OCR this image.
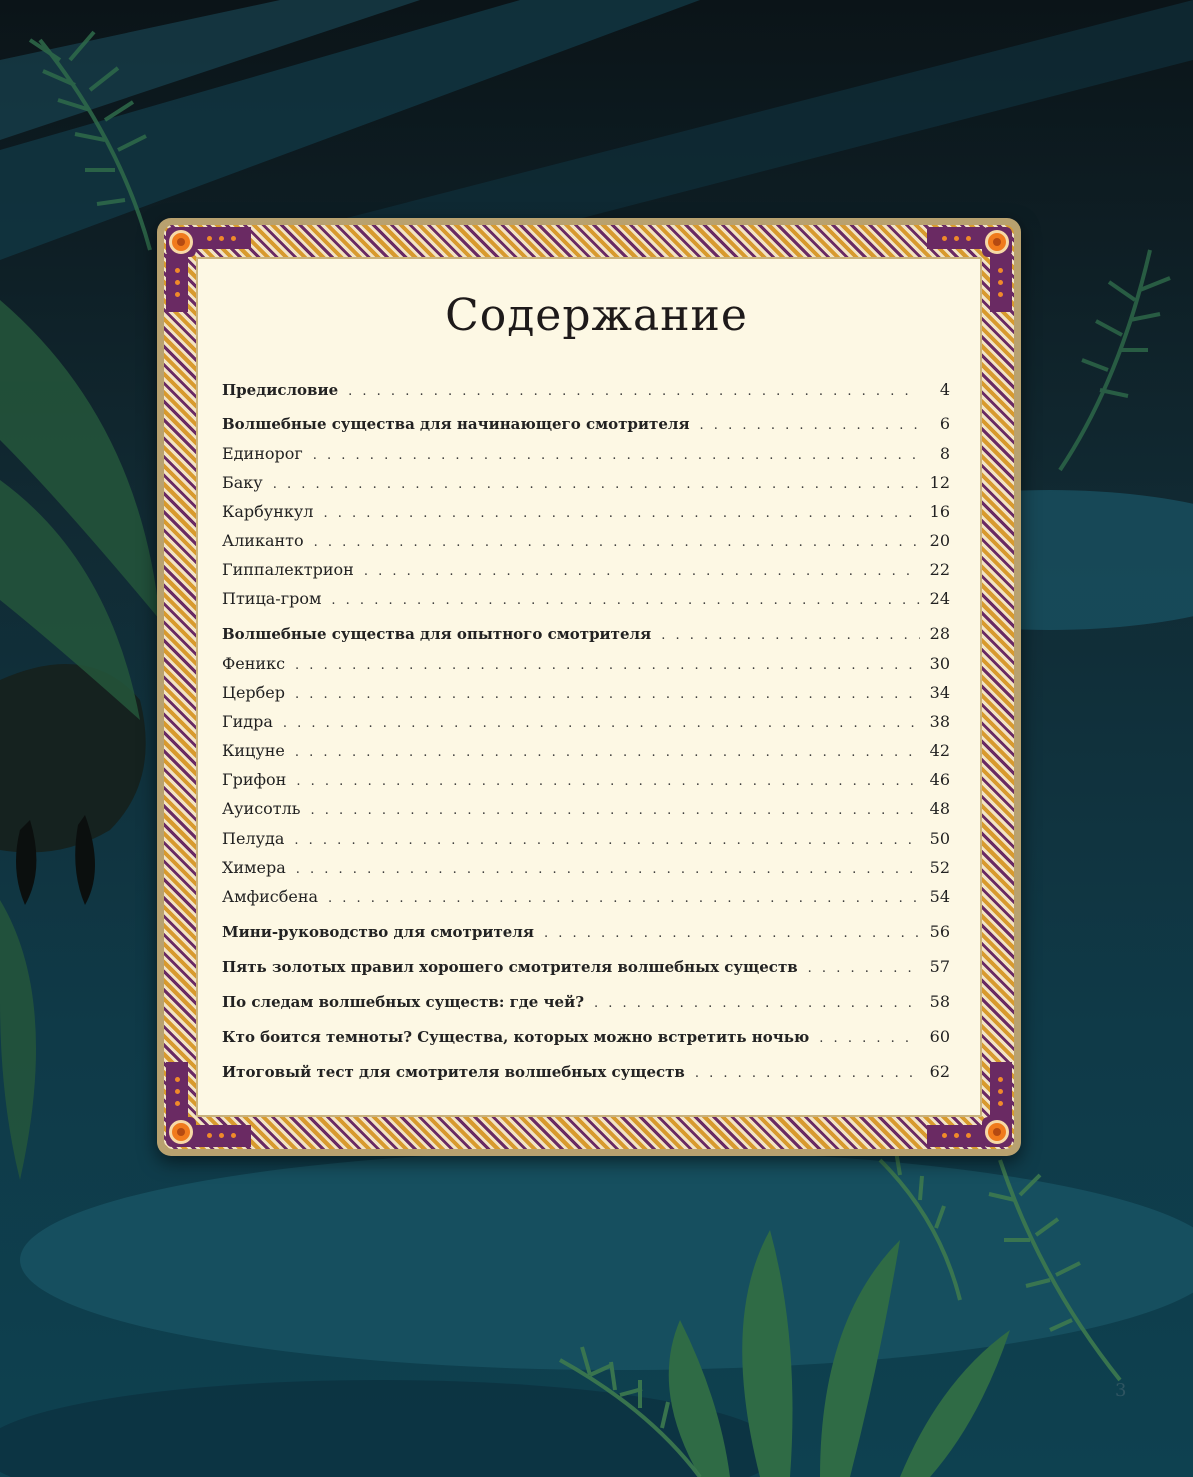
Содержание
Предисловие . . .	4
Волшебные существа для начинающего смотрителя . . .	6
Единорог . . .	8
Баку . . .	12
Карбункул . . .	16
Аликанто . . .	20
Гиппалектрион . . .	22
Птица-гром . . .	24
Волшебные существа для опытного смотрителя . . .	28
Феникс . . .	30
Цербер . . .	34
Гидра . . .	38
Кицуне . . .	42
Грифон . . .	46
Ауисотль . . .	48
Пелуда . . .	50
Химера . . .	52
Амфисбена . . .	54
Мини-руководство для смотрителя . . .	56
Пять золотых правил хорошего смотрителя волшебных существ . . .	57
По следам волшебных существ: где чей? . . .	58
Кто боится темноты? Существа, которых можно встретить ночью . . .	60
Итоговый тест для смотрителя волшебных существ . . .	62
3
